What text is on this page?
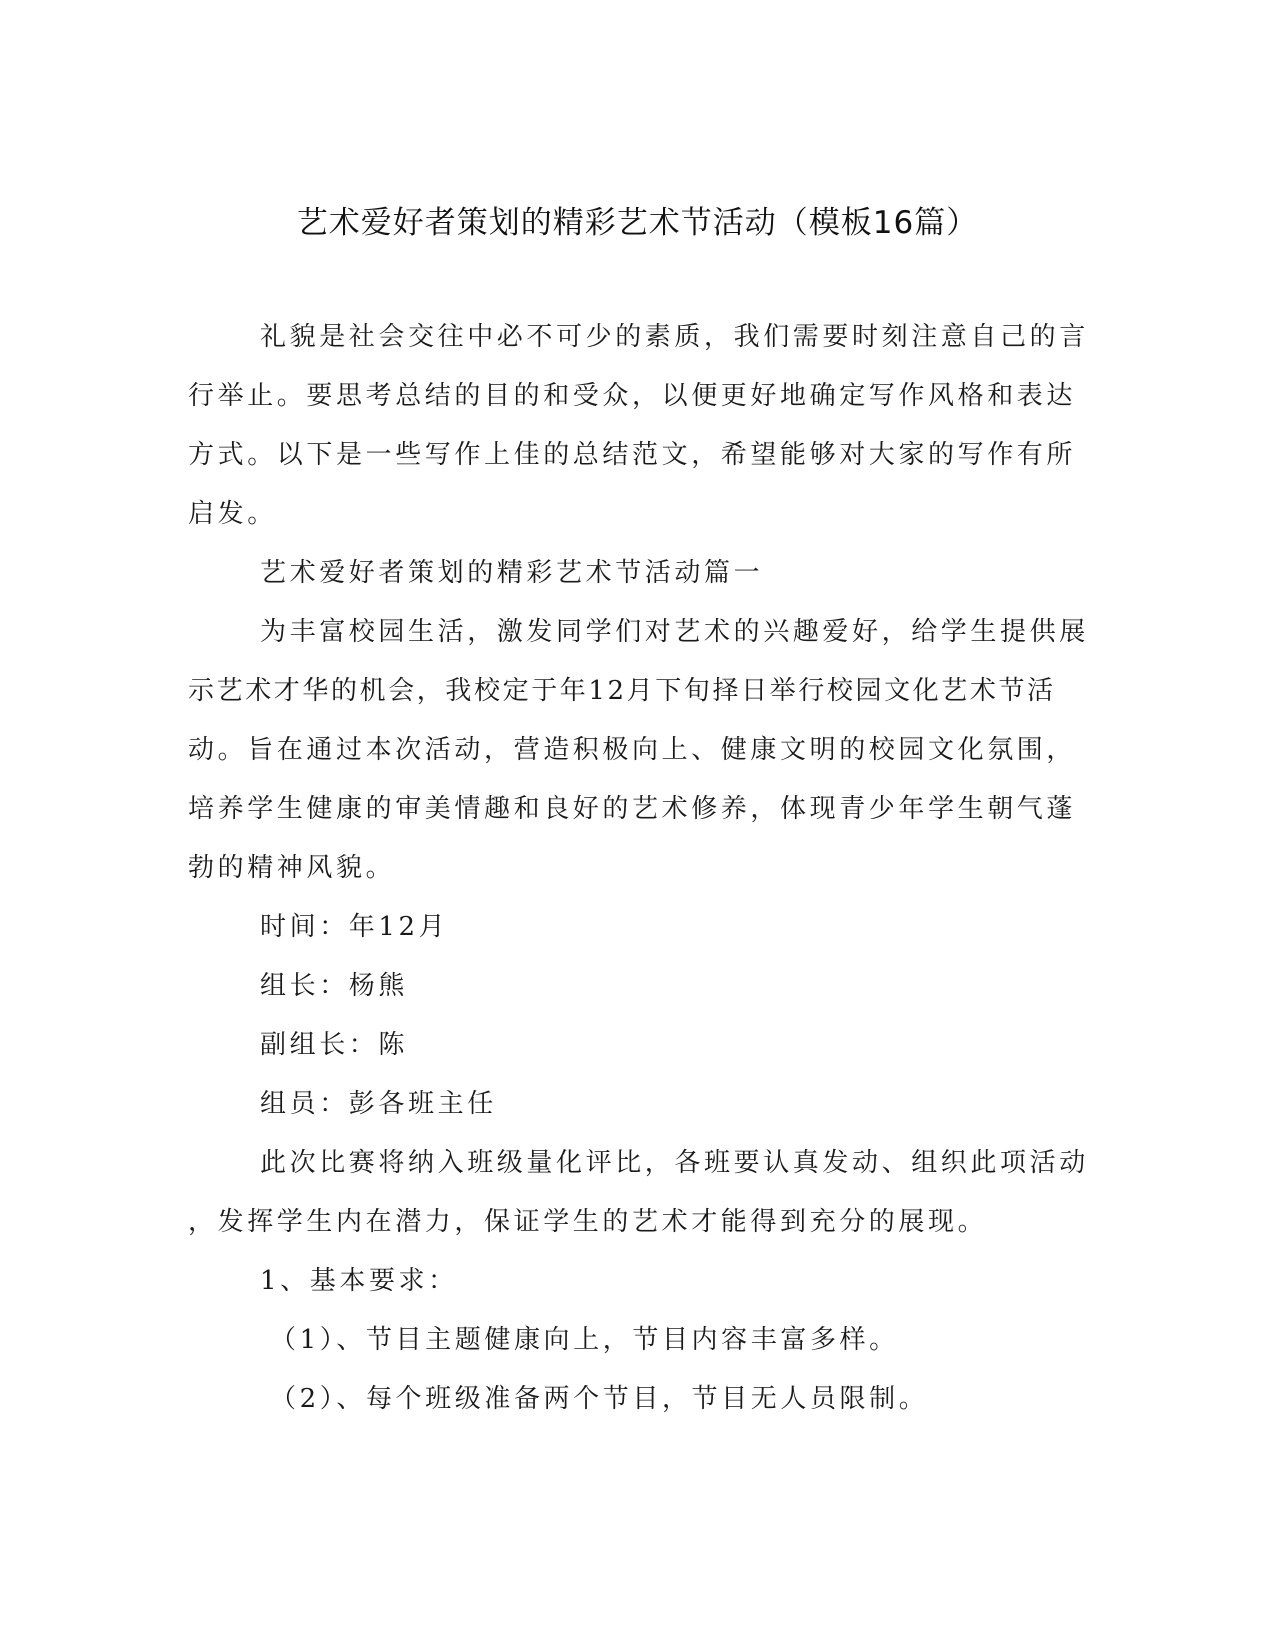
艺术爱好者策划的精彩艺术节活动（模板16篇）
礼貌是社会交往中必不可少的素质，我们需要时刻注意自己的言
行举止。要思考总结的目的和受众，以便更好地确定写作风格和表达
方式。以下是一些写作上佳的总结范文，希望能够对大家的写作有所
启发。
艺术爱好者策划的精彩艺术节活动篇一
为丰富校园生活，激发同学们对艺术的兴趣爱好，给学生提供展
示艺术才华的机会，我校定于年12月下旬择日举行校园文化艺术节活
动。旨在通过本次活动，营造积极向上、健康文明的校园文化氛围，
培养学生健康的审美情趣和良好的艺术修养，体现青少年学生朝气蓬
勃的精神风貌。
时间：年12月
组长：杨熊
副组长：陈
组员：彭各班主任
此次比赛将纳入班级量化评比，各班要认真发动、组织此项活动
，发挥学生内在潜力，保证学生的艺术才能得到充分的展现。
1、基本要求：
（1）、节目主题健康向上，节目内容丰富多样。
（2）、每个班级准备两个节目，节目无人员限制。
